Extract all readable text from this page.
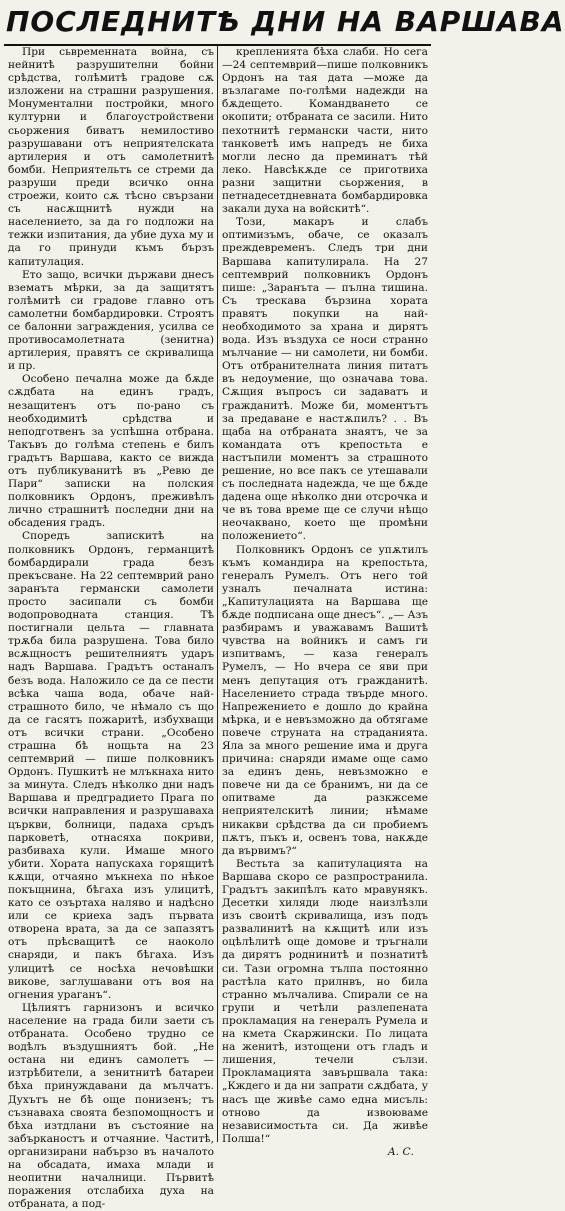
ПОСЛЕДНИТѢ ДНИ НА ВАРШАВА

При сьвременната война, съ нейнитѣ разрушителни бойни срѣдства, голѣмитѣ градове сѫ изложени на страшни разрушения. Монументални постройки, много културни и благоустройствени сьоржения биватъ немилостиво разрушавани отъ неприятелската артилерия и отъ самолетнитѣ бомби. Неприятельтъ се стреми да разруши преди всичко онна строежи, които сѫ тѣсно свързани съ насѫщнитѣ нужди на населението, за да го подложи на тежки изпитания, да убие духа му и да го принуди къмъ бързъ капитулация.

Ето защо, всички държави днесъ взематъ мѣрки, за да защитятъ голѣмитѣ си градове главно отъ самолетни бомбардировки. Строятъ се балонни заграждения, усилва се противосамолетната (зенитна) артилерия, правятъ се скривалища и пр.

Особено печална може да бѫде сѫдбата на единъ градъ, незащитенъ отъ по-рано съ необходимитѣ срѣдства и неподготвенъ за успѣшна отбрана. Такъвъ до голѣма степень е билъ градътъ Варшава, както се вижда отъ публикуванитѣ въ „Ревю де Пари“ записки на полския полковникъ Ордонъ, преживѣлъ лично страшнитѣ последни дни на обсадения градъ.

Споредъ запискитѣ на полковникъ Ордонъ, германцитѣ бомбардирали града безъ прекъсване. На 22 септемврий рано заранъта германски самолети просто засипали съ бомби водопроводната станция. Тѣ постигнали цельта — главната трѫба била разрушена. Това било всѫщностъ решителниятъ ударъ надъ Варшава. Градътъ останалъ безъ вода. Наложило се да се пести всѣка чаша вода, обаче най-страшното било, че нѣмало съ що да се гасятъ пожаритѣ, избухващи отъ всички страни. „Особено страшна бѣ нощьта на 23 септемврий — пише полковникъ Ордонъ. Пушкитѣ не млъкнаха нито за минута. Следъ нѣколко дни надъ Варшава и предградието Прага по всички направления и разрушаваха църкви, болници, падаха сръдъ парковетѣ, отнасяха покриви, разбиваха кули. Имаше много убити. Хората напускаха горящитѣ кѫщи, отчаяно мъкнеха по нѣкое покъщнина, бѣгаха изъ улицитѣ, като се озъртаха наляво и надѣсно или се криеха задъ първата отворена врата, за да се запазятъ отъ прѣсващитѣ се наоколо снаряди, и пакъ бѣгаха. Изъ улицитѣ се носѣха нечовѣшки викове, заглушавани отъ воя на огнения ураганъ“.

Цѣлиятъ гарнизонъ и всичко население на града били заети съ отбраната. Особено трудно се водѣлъ въздушниятъ бой. „Не остана ни единъ самолетъ — изтрѣбители, а зенитнитѣ батареи бѣха принуждавани да мълчатъ. Духътъ не бѣ още понизенъ; тъ съзнаваха своята безпомощностъ и бѣха изтдлани въ състояние на забърканостъ и отчаяние. Частитѣ, организирани набързо въ началото на обсадата, имаха млади и неопитни началници. Първитѣ поражения отслабиха духа на отбраната, а под-

крепленията бѣха слаби. Но сега —24 септемврий—пише полковникъ Ордонъ на тая дата —може да възлагаме по-голѣми надежди на бѫдещето. Командването се окопити; отбраната се засили. Нито пехотнитѣ германски части, нито танковетѣ имъ напредъ не биха могли лесно да преминатъ тѣй леко. Навсѣкѫде се приготвиха разни защитни сьоржения, в петнадесетдневната бомбардировка закали духа на войскитѣ“.

Този, макаръ и слабъ оптимизъмъ, обаче, се оказалъ преждевременъ. Следъ три дни Варшава капитулирала. На 27 септемврий полковникъ Ордонъ пише: „Заранъта — пълна тишина. Съ трескава бързина хората правятъ покупки на най-необходимото за храна и дирятъ вода. Изъ въздуха се носи странно мълчание — ни самолети, ни бомби. Отъ отбранителната линия питатъ въ недоумение, що означава това. Сѫщия въпросъ си задаватъ и гражданитѣ. Може би, моментътъ за предаване е настѫпилъ? . . Въ щаба на отбраната знаятъ, че за командата отъ крепостьта е настъпили моментъ за страшното решение, но все пакъ се утешавали съ последната надежда, че ще бѫде дадена още нѣколко дни отсрочка и че въ това време ще се случи нѣщо неочаквано, което ще промѣни положението“.

Полковникъ Ордонъ се упѫтилъ къмъ командира на крепостьта, генералъ Румелъ. Отъ него той узналъ печалната истина: „Капитулацията на Варшава ще бѫде подписана още днесъ“. „— Азъ разбирамъ и уважавамъ Вашитѣ чувства на войникъ и самъ ги изпитвамъ, — каза генералъ Румелъ, — Но вчера се яви при менъ депутация отъ гражданитѣ. Населението страда твърде много. Напрежението е дошло до крайна мѣрка, и е невъзможно да обтягаме повече струната на страданията. Яла за много решение има и друга причина: снаряди имаме още само за единъ день, невъзможно е повече ни да се бранимъ, ни да се опитваме да разкжсеме неприятелскитѣ линии; нѣмаме никакви срѣдства да си пробиемъ пѫтъ, пъкъ и, освенъ това, накѫде да вървимъ?“

Вестьта за капитулацията на Варшава скоро се разпространила. Градътъ закипѣлъ като мравунякъ. Десетки хиляди люде наизлѣзли изъ своитѣ скривалища, изъ подъ развалинитѣ на кѫщитѣ или изъ оцѣлѣлитѣ още домове и тръгнали да дирятъ роднинитѣ и познатитѣ си. Тази огромна тълпа постоянно растѣла като прилнвъ, но била странно мълчалива. Спирали се на групи и четѣли разлепената прокламация на генералъ Румела и на кмета Скаржински. По лицата на женитѣ, изтощени отъ гладъ и лишения, течели сълзи. Прокламацията завършвала така: „Кждего и да ни запрати сѫдбата, у насъ ще живѣе само една мисъль: отново да извоюваме независимостьта си. Да живѣе Полша!“

А. С.
